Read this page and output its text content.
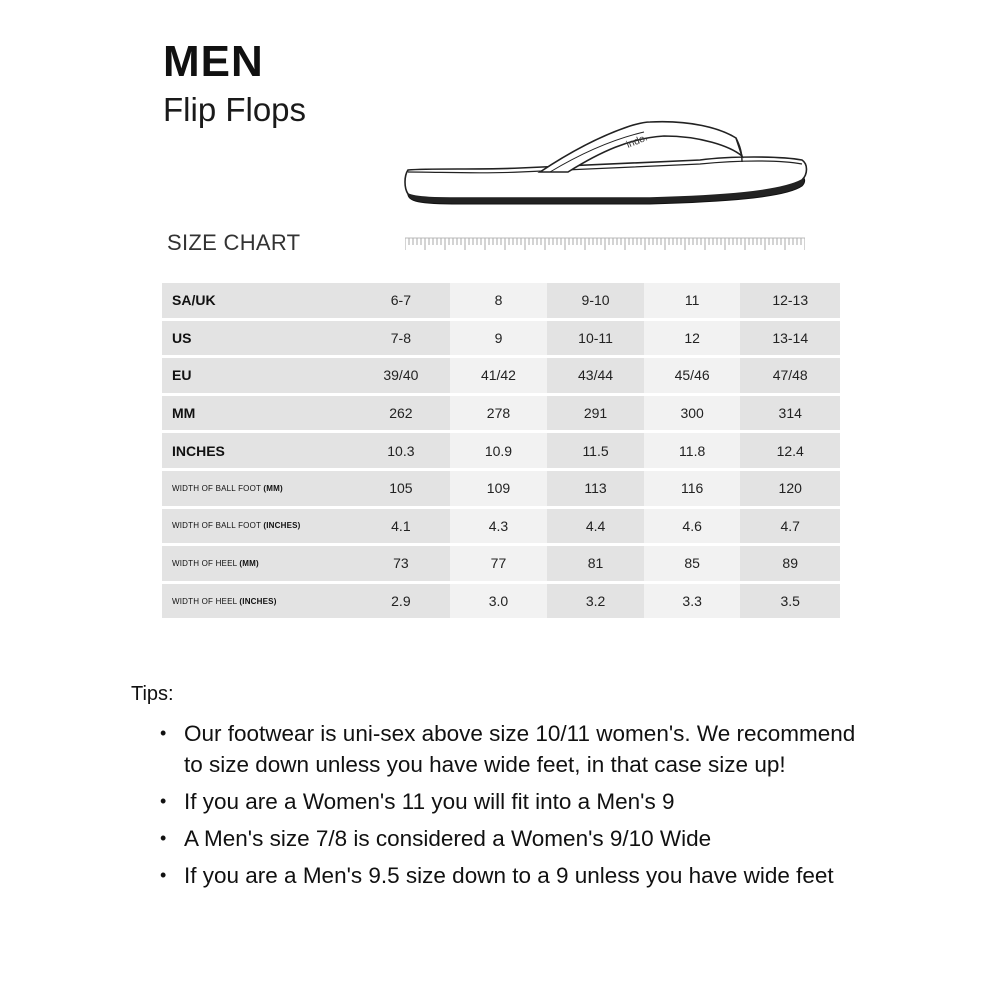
MEN
Flip Flops
indo.
SIZE CHART
SA/UK	6-7	8	9-10	11	12-13
US	7-8	9	10-11	12	13-14
EU	39/40	41/42	43/44	45/46	47/48
MM	262	278	291	300	314
INCHES	10.3	10.9	11.5	11.8	12.4
WIDTH OF BALL FOOT (MM)	105	109	113	116	120
WIDTH OF BALL FOOT (INCHES)	4.1	4.3	4.4	4.6	4.7
WIDTH OF HEEL (MM)	73	77	81	85	89
WIDTH OF HEEL (INCHES)	2.9	3.0	3.2	3.3	3.5
Tips:
• Our footwear is uni-sex above size 10/11 women's. We recommend to size down unless you have wide feet, in that case size up!
• If you are a Women's 11 you will fit into a Men's 9
• A Men's size 7/8 is considered a Women's 9/10 Wide
• If you are a Men's 9.5 size down to a 9 unless you have wide feet
